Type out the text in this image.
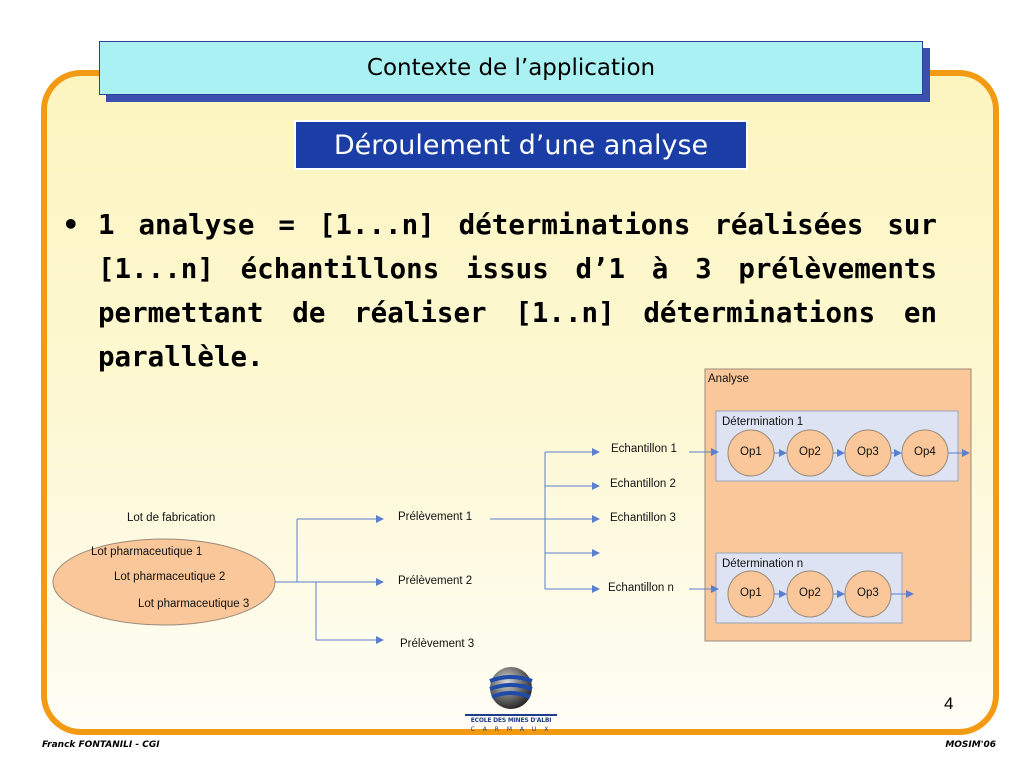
Contexte de l’application
Déroulement d’une analyse
• 1 analyse = [1...n] déterminations réalisées sur [1...n] échantillons issus d’1 à 3 prélèvements permettant de réaliser [1..n] déterminations en parallèle.
Lot de fabrication
Lot pharmaceutique 1
Lot pharmaceutique 2
Lot pharmaceutique 3
Prélèvement 1
Prélèvement 2
Prélèvement 3
Echantillon 1
Echantillon 2
Echantillon 3
Echantillon n
Analyse
Détermination 1
Détermination n
Op1	Op2	Op3	Op4
Op1	Op2	Op3
4
ECOLE DES MINES D'ALBI
C A R M A U X
Franck FONTANILI - CGI	MOSIM'06
